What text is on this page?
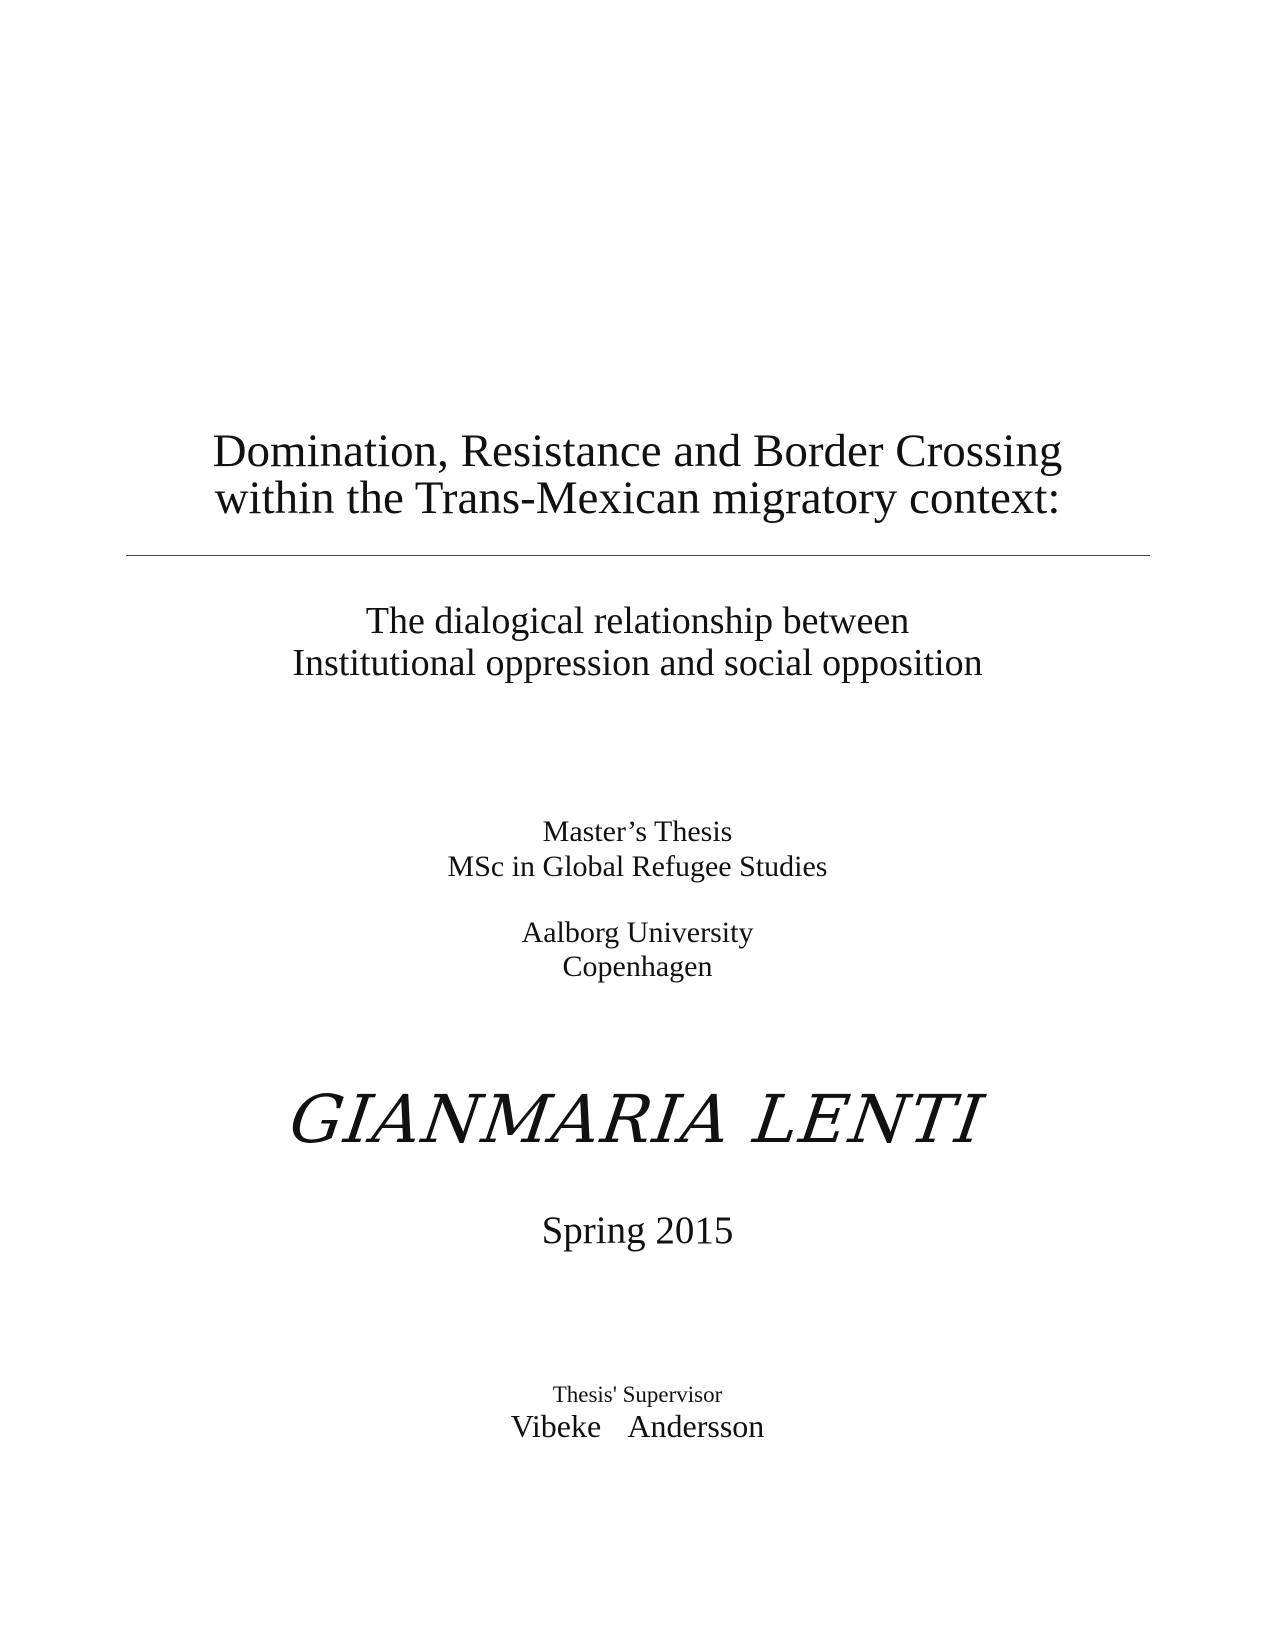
Domination, Resistance and Border Crossing
within the Trans-Mexican migratory context:
The dialogical relationship between
Institutional oppression and social opposition
Master’s Thesis
MSc in Global Refugee Studies
Aalborg University
Copenhagen
GIANMARIA LENTI
Spring 2015
Thesis' Supervisor
Vibeke  Andersson
